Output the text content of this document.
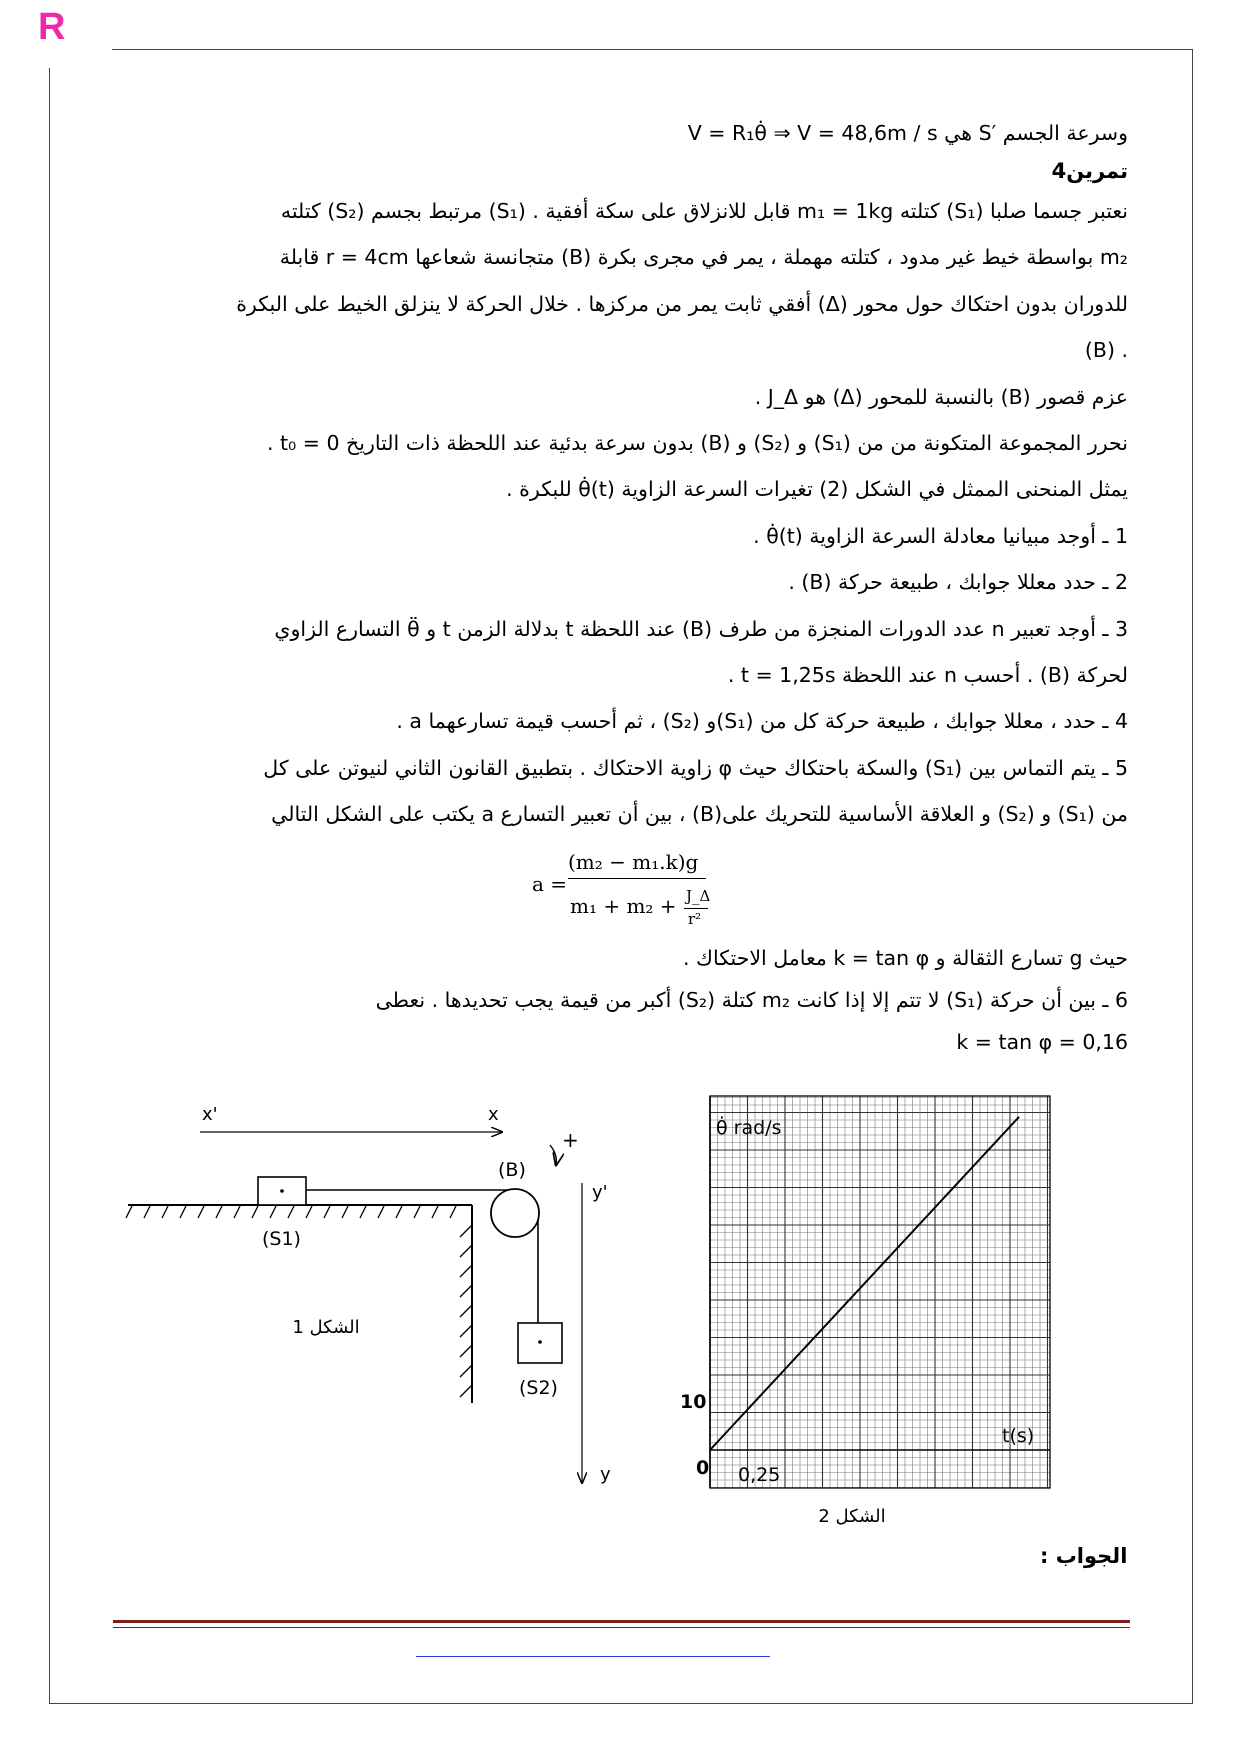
R
وسرعة الجسم ′S هي V = R₁θ̇ ⇒ V = 48,6m / s
تمرين4
نعتبر جسما صلبا (S₁) كتلته m₁ = 1kg قابل للانزلاق على سكة أفقية . (S₁) مرتبط بجسم (S₂) كتلته
m₂ بواسطة خيط غير مدود ، كتلته مهملة ، يمر في مجرى بكرة (B) متجانسة شعاعها r = 4cm قابلة
للدوران بدون احتكاك حول محور (Δ) أفقي ثابت يمر من مركزها . خلال الحركة لا ينزلق الخيط على البكرة
. (B)
عزم قصور (B) بالنسبة للمحور (Δ) هو J_Δ .
نحرر المجموعة المتكونة من من (S₁) و (S₂) و (B) بدون سرعة بدئية عند اللحظة ذات التاريخ t₀ = 0 .
يمثل المنحنى الممثل في الشكل (2) تغيرات السرعة الزاوية θ̇(t) للبكرة .
1 ـ أوجد مبيانيا معادلة السرعة الزاوية θ̇(t) .
2 ـ حدد معللا جوابك ، طبيعة حركة (B) .
3 ـ أوجد تعبير n عدد الدورات المنجزة من طرف (B) عند اللحظة t بدلالة الزمن t و θ̈ التسارع الزاوي
لحركة (B) . أحسب n عند اللحظة t = 1,25s .
4 ـ حدد ، معللا جوابك ، طبيعة حركة كل من (S₁)و (S₂) ، ثم أحسب قيمة تسارعهما a .
5 ـ يتم التماس بين (S₁) والسكة باحتكاك حيث φ زاوية الاحتكاك . بتطبيق القانون الثاني لنيوتن على كل
من (S₁) و (S₂) و العلاقة الأساسية للتحريك على(B) ، بين أن تعبير التسارع a يكتب على الشكل التالي
حيث g تسارع الثقالة و k = tan φ معامل الاحتكاك .
6 ـ بين أن حركة (S₁) لا تتم إلا إذا كانت m₂ كتلة (S₂) أكبر من قيمة يجب تحديدها . نعطى
k = tan φ = 0,16
a =
(m₂ − m₁.k)g
m₁ + m₂ + J_Δ
r²
x'	x
(S1)
(B)
+
(S2)
y'
y
الشكل 1
θ̇ rad/s
t(s)
0
10
0,25
الشكل 2
الجواب :
